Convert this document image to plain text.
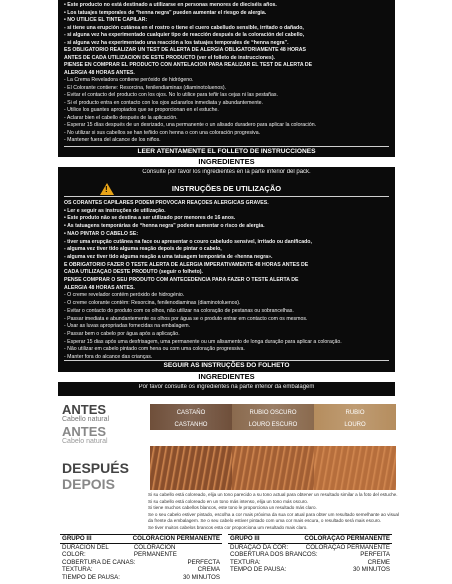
• Este producto no está destinado a utilizarse en personas menores de dieciséis años.
• Los tatuajes temporales de “henna negra” pueden aumentar el riesgo de alergia.
• NO UTILICE EL TINTE CAPILAR:
- si tiene una erupción cutánea en el rostro o tiene el cuero cabelludo sensible, irritado o dañado,
- si alguna vez ha experimentado cualquier tipo de reacción después de la coloración del cabello,
- si alguna vez ha experimentado una reacción a los tatuajes temporales de “henna negra”.
ES OBLIGATORIO REALIZAR UN TEST DE ALERTA DE ALERGIA OBLIGATORIAMENTE 48 HORAS
ANTES DE CADA UTILIZACIÓN DE ESTE PRODUCTO (ver el folleto de instrucciones).
PIENSE EN COMPRAR EL PRODUCTO CON ANTELACIÓN PARA REALIZAR EL TEST DE ALERTA DE
ALERGIA 48 HORAS ANTES.
- La Crema Reveladora contiene peróxido de hidrógeno.
- El Colorante contiene: Resorcina, fenilendiaminas (diaminotoluenos).
- Evitar el contacto del producto con los ojos. No lo utilice para teñir las cejas ni las pestañas.
- Si el producto entra en contacto con los ojos aclararlos inmediata y abundantemente.
- Utilice los guantes apropiados que se proporcionan en el estuche.
- Aclarar bien el cabello después de la aplicación.
- Esperar 15 días después de un desrizado, una permanente o un alisado duradero para aplicar la coloración.
- No utilizar si sus cabellos se han teñido con henna o con una coloración progresiva.
- Mantener fuera del alcance de los niños.
LEER ATENTAMENTE EL FOLLETO DE INSTRUCCIONES
INGREDIENTES
Consulte por favor los ingredientes en la parte inferior del pack.
!	INSTRUÇÕES DE UTILIZAÇÃO
OS CORANTES CAPILARES PODEM PROVOCAR REAÇÕES ALÉRGICAS GRAVES.
• Ler e seguir as instruções de utilização.
• Este produto não se destina a ser utilizado por menores de 16 anos.
• As tatuagens temporárias de “henna negra” podem aumentar o risco de alergia.
• NÃO PINTAR O CABELO SE:
- tiver uma erupção cutânea na face ou apresentar o couro cabeludo sensível, irritado ou danificado,
- alguma vez tiver tido alguma reação depois de pintar o cabelo,
- alguma vez tiver tido alguma reação a uma tatuagem temporária de «henna negra».
É OBRIGATÓRIO FAZER O TESTE ALERTA DE ALERGIA IMPERATIVAMENTE 48 HORAS ANTES DE
CADA UTILIZAÇÃO DESTE PRODUTO (seguir o folheto).
PENSE COMPRAR O SEU PRODUTO COM ANTECEDÊNCIA PARA FAZER O TESTE ALERTA DE
ALERGIA 48 HORAS ANTES.
- O creme revelador contém peróxido de hidrogénio.
- O creme colorante contém: Resorcina, fenilenodiaminas (diaminotoluenos).
- Evitar o contacto do produto com os olhos, não utilizar na coloração de pestanas ou sobrancelhas.
- Passar imediata e abundantemente os olhos por água se o produto entrar em contacto com os mesmos.
- Usar as luvas apropriadas fornecidas na embalagem.
- Passar bem o cabelo por água após a aplicação.
- Esperar 15 dias após uma desfrisagem, uma permanente ou um alisamento de longa duração para aplicar a coloração.
- Não utilizar em cabelo pintado com hena ou com uma coloração progressiva.
- Manter fora do alcance das crianças.
SEGUIR AS INSTRUÇÕES DO FOLHETO
INGREDIENTES
Por favor consulte os ingredientes na parte inferior da embalagem
ANTES
Cabello natural
ANTES
Cabelo natural
CASTAÑO
CASTANHO
RUBIO OSCURO
LOURO ESCURO
RUBIO
LOURO
DESPUÉS
DEPOIS
Si su cabello está coloreado, elija un tono parecido a su tono actual para obtener un resultado similar a la foto del estuche.
Si su cabello está coloreado en un tono más intenso, elija un tono más oscuro.
Si tiene muchos cabellos blancos, este tono le proporciona un resultado más claro.
Se o seu cabelo estiver pintado, escolha a cor mais próxima da sua cor atual para obter um resultado semelhante ao visual
da frente da embalagem. Se o seu cabelo estiver pintado com uma cor mais escura, o resultado será mais escuro.
Se tiver muitos cabelos brancos esta cor proporciona um resultado mais claro.
GRUPO III	COLORACIÓN PERMANENTE
DURACIÓN DEL COLOR:
COLORACIÓN PERMANENTE
COBERTURA DE CANAS:	PERFECTA
TEXTURA:	CREMA
TIEMPO DE PAUSA:	30 MINUTOS
GRUPO III	COLORAÇÃO PERMANENTE
DURAÇÃO DA COR:	COLORAÇÃO PERMANENTE
COBERTURA DOS BRANCOS:	PERFEITA
TEXTURA:	CREME
TEMPO DE PAUSA:	30 MINUTOS
